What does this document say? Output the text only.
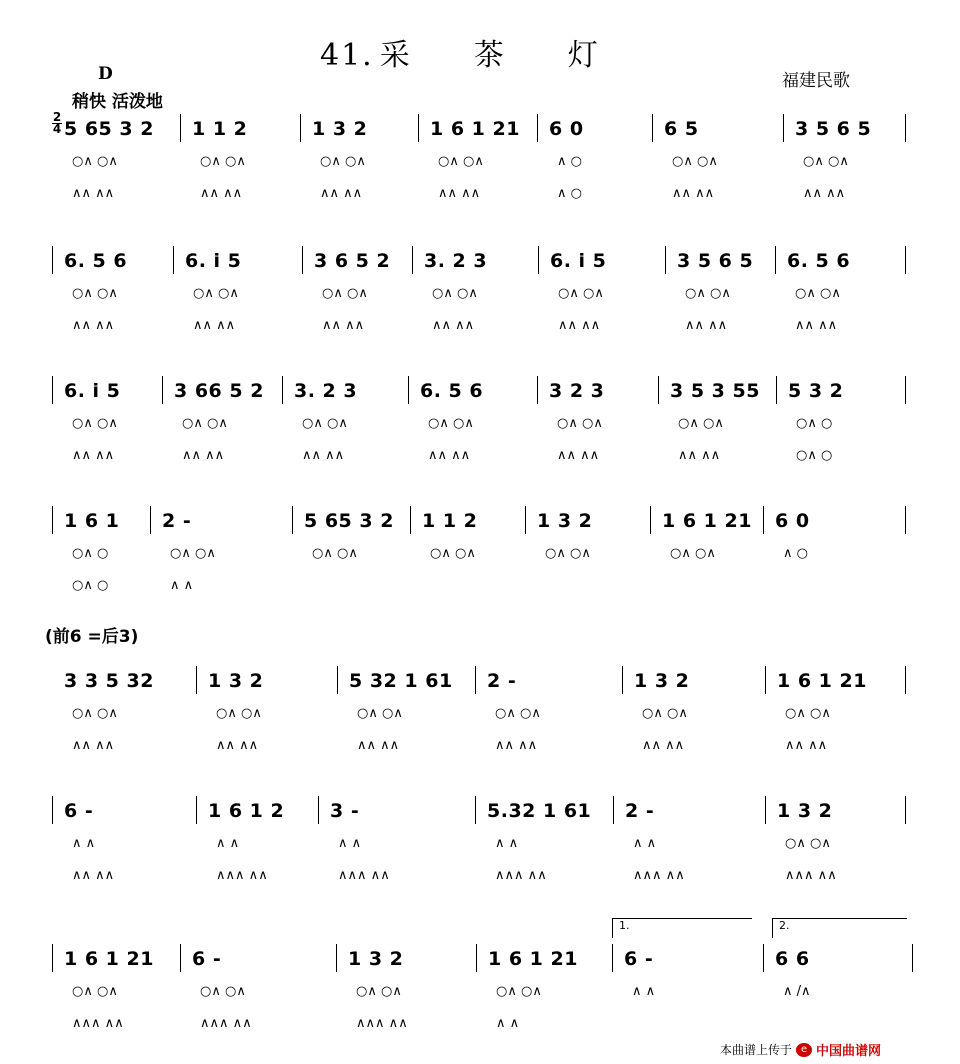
41. 采 茶 灯
福建民歌
D
稍快 活泼地
2
4
(前6 =后3)
5 65 3 2
○∧ ○∧
∧∧ ∧∧
1 1 2
○∧ ○∧
∧∧ ∧∧
1 3 2
○∧ ○∧
∧∧ ∧∧
1 6 1 21
○∧ ○∧
∧∧ ∧∧
6 0
∧ ○
∧ ○
6 5
○∧ ○∧
∧∧ ∧∧
3 5 6 5
○∧ ○∧
∧∧ ∧∧
6. 5 6
○∧ ○∧
∧∧ ∧∧
6. i 5
○∧ ○∧
∧∧ ∧∧
3 6 5 2
○∧ ○∧
∧∧ ∧∧
3. 2 3
○∧ ○∧
∧∧ ∧∧
6. i 5
○∧ ○∧
∧∧ ∧∧
3 5 6 5
○∧ ○∧
∧∧ ∧∧
6. 5 6
○∧ ○∧
∧∧ ∧∧
6. i 5
○∧ ○∧
∧∧ ∧∧
3 66 5 2
○∧ ○∧
∧∧ ∧∧
3. 2 3
○∧ ○∧
∧∧ ∧∧
6. 5 6
○∧ ○∧
∧∧ ∧∧
3 2 3
○∧ ○∧
∧∧ ∧∧
3 5 3 55
○∧ ○∧
∧∧ ∧∧
5 3 2
○∧ ○
○∧ ○
1 6 1
○∧ ○
○∧ ○
2 -
○∧ ○∧
∧ ∧
5 65 3 2
○∧ ○∧
1 1 2
○∧ ○∧
1 3 2
○∧ ○∧
1 6 1 21
○∧ ○∧
6 0
∧ ○
3 3 5 32
○∧ ○∧
∧∧ ∧∧
1 3 2
○∧ ○∧
∧∧ ∧∧
5 32 1 61
○∧ ○∧
∧∧ ∧∧
2 -
○∧ ○∧
∧∧ ∧∧
1 3 2
○∧ ○∧
∧∧ ∧∧
1 6 1 21
○∧ ○∧
∧∧ ∧∧
6 -
∧ ∧
∧∧ ∧∧
1 6 1 2
∧ ∧
∧∧∧ ∧∧
3 -
∧ ∧
∧∧∧ ∧∧
5.32 1 61
∧ ∧
∧∧∧ ∧∧
2 -
∧ ∧
∧∧∧ ∧∧
1 3 2
○∧ ○∧
∧∧∧ ∧∧
1 6 1 21
○∧ ○∧
∧∧∧ ∧∧
6 -
○∧ ○∧
∧∧∧ ∧∧
1 3 2
○∧ ○∧
∧∧∧ ∧∧
1 6 1 21
○∧ ○∧
∧ ∧
6 -
∧ ∧
6 6
∧ /∧
1.	2.
本曲谱上传于 e 中国曲谱网
